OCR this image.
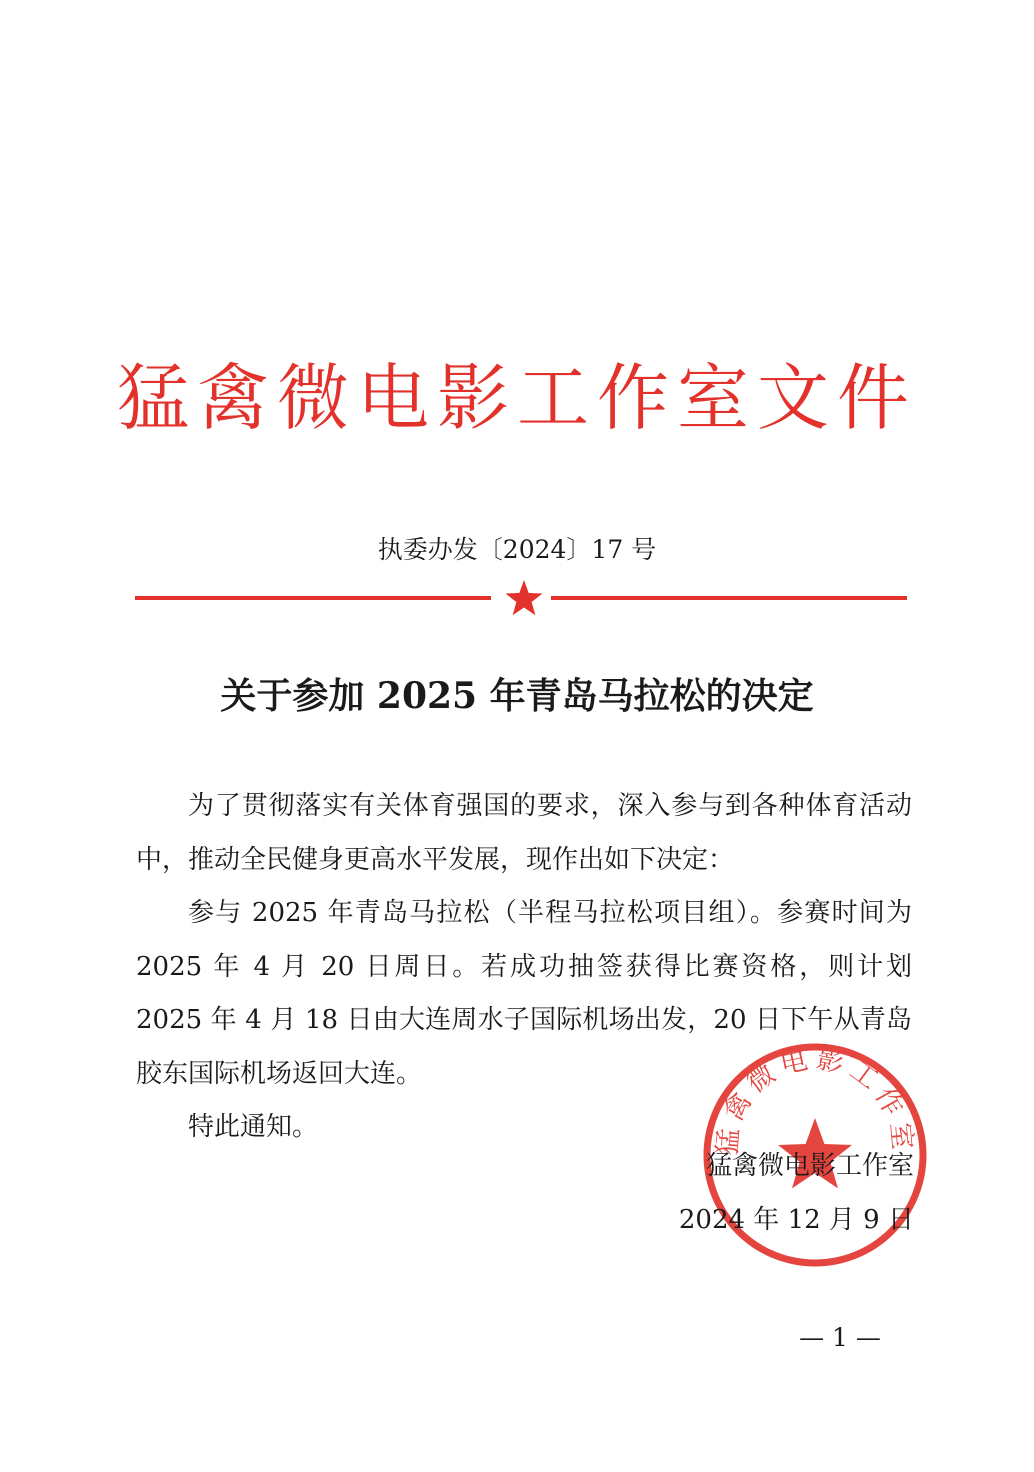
猛禽微电影工作室文件
执委办发〔2024〕17 号
关于参加 2025 年青岛马拉松的决定

为了贯彻落实有关体育强国的要求，深入参与到各种体育活动中，推动全民健身更高水平发展，现作出如下决定：

参与 2025 年青岛马拉松（半程马拉松项目组）。参赛时间为 2025 年 4 月 20 日周日。若成功抽签获得比赛资格，则计划 2025 年 4 月 18 日由大连周水子国际机场出发，20 日下午从青岛胶东国际机场返回大连。

特此通知。	猛禽微电影工作室
猛禽微电影工作室
2024 年 12 月 9 日
— 1 —
